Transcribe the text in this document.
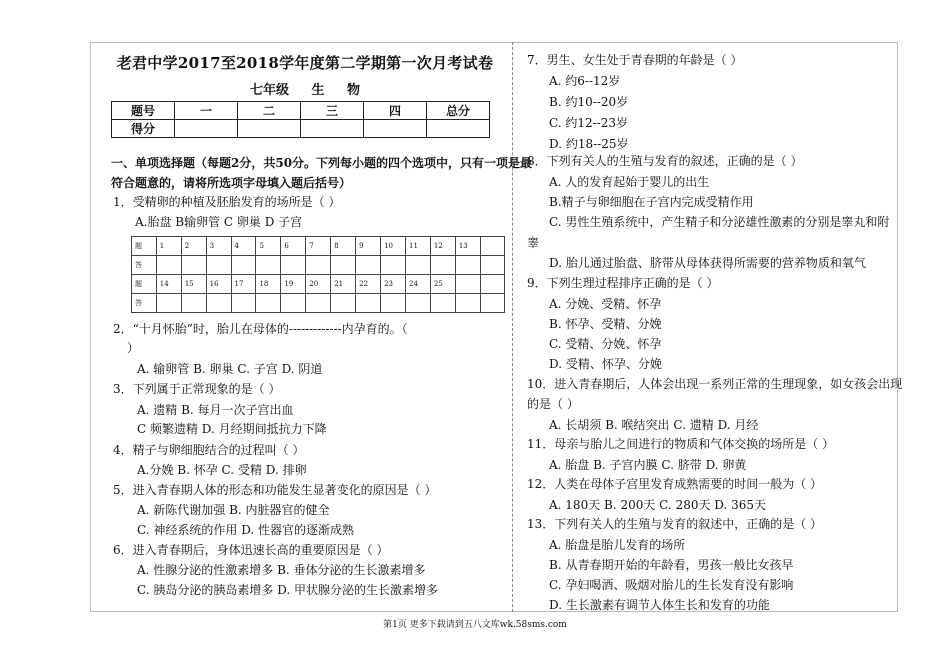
老君中学2017至2018学年度第二学期第一次月考试卷
七年级 生 物
题号	一	二	三	四	总分
得分					
一、单项选择题（每题2分，共50分。下列每小题的四个选项中，只有一项是最
符合题意的，请将所选项字母填入题后括号）
1．受精卵的种植及胚胎发育的场所是（ ）
A.胎盘 B输卵管 C 卵巢 D 子宫
题	1	2	3	4	5	6	7	8	9	10	11	12	13	
答														
题	14	15	16	17	18	19	20	21	22	23	24	25		
答														
2．“十月怀胎”时，胎儿在母体的-------------内孕育的。（
）
A. 输卵管 B. 卵巢 C. 子宫 D. 阴道
3．下列属于正常现象的是（ ）
A. 遗精 B. 每月一次子宫出血
C 频繁遗精 D. 月经期间抵抗力下降
4．精子与卵细胞结合的过程叫（ ）
A.分娩 B. 怀孕 C. 受精 D. 排卵
5．进入青春期人体的形态和功能发生显著变化的原因是（ ）
A. 新陈代谢加强 B. 内脏器官的健全
C. 神经系统的作用 D. 性器官的逐渐成熟
6．进入青春期后，身体迅速长高的重要原因是（ ）
A. 性腺分泌的性激素增多 B. 垂体分泌的生长激素增多
C. 胰岛分泌的胰岛素增多 D. 甲状腺分泌的生长激素增多
7．男生、女生处于青春期的年龄是（ ）
A. 约6--12岁
B. 约10--20岁
C. 约12--23岁
D. 约18--25岁
8．下列有关人的生殖与发育的叙述，正确的是（ ）
A. 人的发育起始于婴儿的出生
B.精子与卵细胞在子宫内完成受精作用
C. 男性生殖系统中，产生精子和分泌雄性激素的分别是睾丸和附
睾
D. 胎儿通过胎盘、脐带从母体获得所需要的营养物质和氧气
9．下列生理过程排序正确的是（ ）
A. 分娩、受精、怀孕
B. 怀孕、受精、分娩
C. 受精、分娩、怀孕
D. 受精、怀孕、分娩
10．进入青春期后，人体会出现一系列正常的生理现象，如女孩会出现
的是（ ）
A. 长胡须 B. 喉结突出 C. 遗精 D. 月经
11．母亲与胎儿之间进行的物质和气体交换的场所是（ ）
A. 胎盘 B. 子宫内膜 C. 脐带 D. 卵黄
12．人类在母体子宫里发育成熟需要的时间一般为（ ）
A. 180天 B. 200天 C. 280天 D. 365天
13．下列有关人的生殖与发育的叙述中，正确的是（ ）
A. 胎盘是胎儿发育的场所
B. 从青春期开始的年龄看，男孩一般比女孩早
C. 孕妇喝酒、吸烟对胎儿的生长发育没有影响
D. 生长激素有调节人体生长和发育的功能
第1页 更多下载请到五八文库wk.58sms.com
